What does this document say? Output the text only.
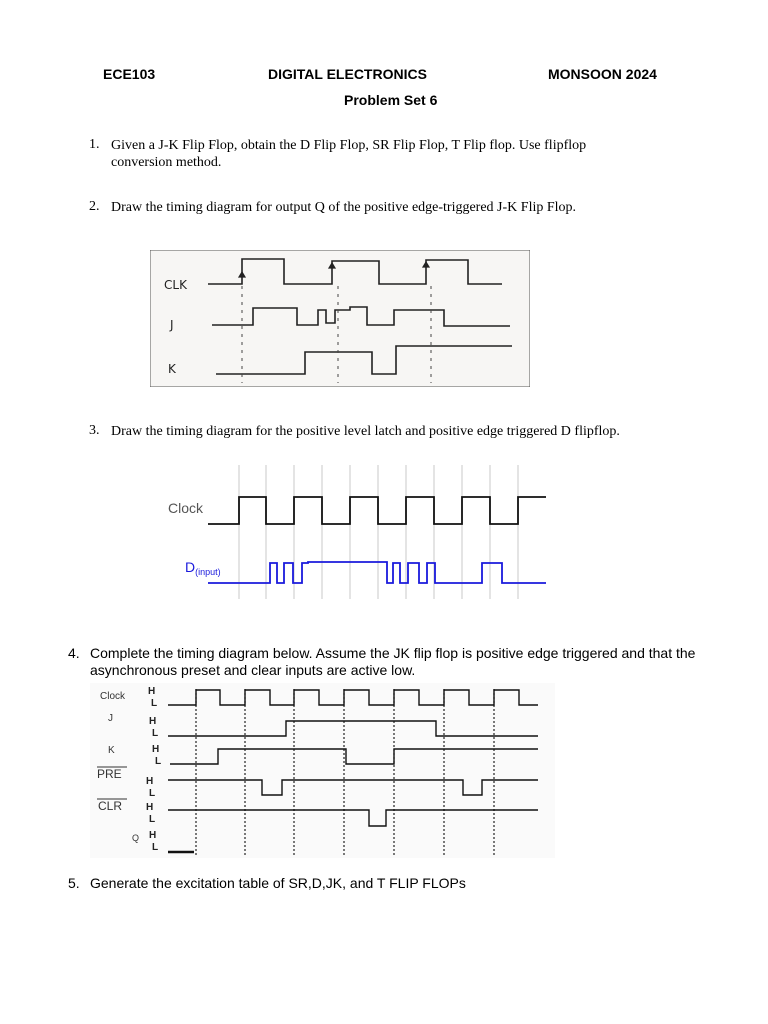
ECE103	DIGITAL ELECTRONICS	MONSOON 2024
Problem Set 6
1. Given a J-K Flip Flop, obtain the D Flip Flop, SR Flip Flop, T Flip flop. Use flipflop conversion method.
2. Draw the timing diagram for output Q of the positive edge-triggered J-K Flip Flop.
CLK
J
K
3. Draw the timing diagram for the positive level latch and positive edge triggered D flipflop.
Clock
$D_{(input)}$
4. Complete the timing diagram below. Assume the JK flip flop is positive edge triggered and that the asynchronous preset and clear inputs are active low.
Clock
J
K
PRE
CLR
Q
H
L
H
L
H
L
H
L
H
L
H
L
5. Generate the excitation table of SR,D,JK, and T FLIP FLOPs
